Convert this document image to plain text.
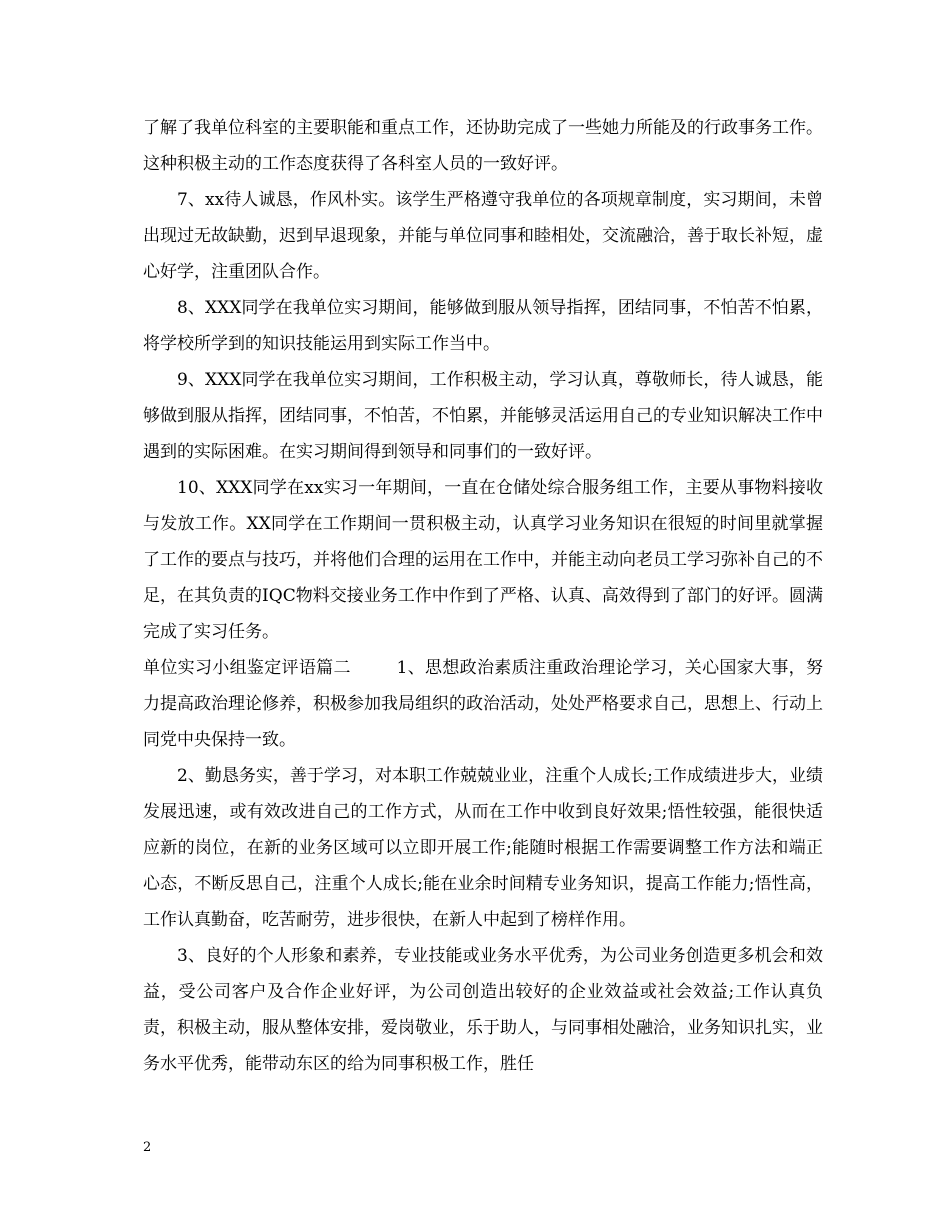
了解了我单位科室的主要职能和重点工作，还协助完成了一些她力所能及的行政事务工作。这种积极主动的工作态度获得了各科室人员的一致好评。

7、xx待人诚恳，作风朴实。该学生严格遵守我单位的各项规章制度，实习期间，未曾出现过无故缺勤，迟到早退现象，并能与单位同事和睦相处，交流融洽，善于取长补短，虚心好学，注重团队合作。

8、XXX同学在我单位实习期间，能够做到服从领导指挥，团结同事，不怕苦不怕累，将学校所学到的知识技能运用到实际工作当中。

9、XXX同学在我单位实习期间，工作积极主动，学习认真，尊敬师长，待人诚恳，能够做到服从指挥，团结同事，不怕苦，不怕累，并能够灵活运用自己的专业知识解决工作中遇到的实际困难。在实习期间得到领导和同事们的一致好评。

10、XXX同学在xx实习一年期间，一直在仓储处综合服务组工作，主要从事物料接收与发放工作。XX同学在工作期间一贯积极主动，认真学习业务知识在很短的时间里就掌握了工作的要点与技巧，并将他们合理的运用在工作中，并能主动向老员工学习弥补自己的不足，在其负责的IQC物料交接业务工作中作到了严格、认真、高效得到了部门的好评。圆满完成了实习任务。

单位实习小组鉴定评语篇二	1、思想政治素质注重政治理论学习，关心国家大事，努力提高政治理论修养，积极参加我局组织的政治活动，处处严格要求自己，思想上、行动上同党中央保持一致。

2、勤恳务实，善于学习，对本职工作兢兢业业，注重个人成长;工作成绩进步大，业绩发展迅速，或有效改进自己的工作方式，从而在工作中收到良好效果;悟性较强，能很快适应新的岗位，在新的业务区域可以立即开展工作;能随时根据工作需要调整工作方法和端正心态，不断反思自己，注重个人成长;能在业余时间精专业务知识，提高工作能力;悟性高，工作认真勤奋，吃苦耐劳，进步很快，在新人中起到了榜样作用。

3、良好的个人形象和素养，专业技能或业务水平优秀，为公司业务创造更多机会和效益，受公司客户及合作企业好评，为公司创造出较好的企业效益或社会效益;工作认真负责，积极主动，服从整体安排，爱岗敬业，乐于助人，与同事相处融洽，业务知识扎实，业务水平优秀，能带动东区的给为同事积极工作，胜任

2
